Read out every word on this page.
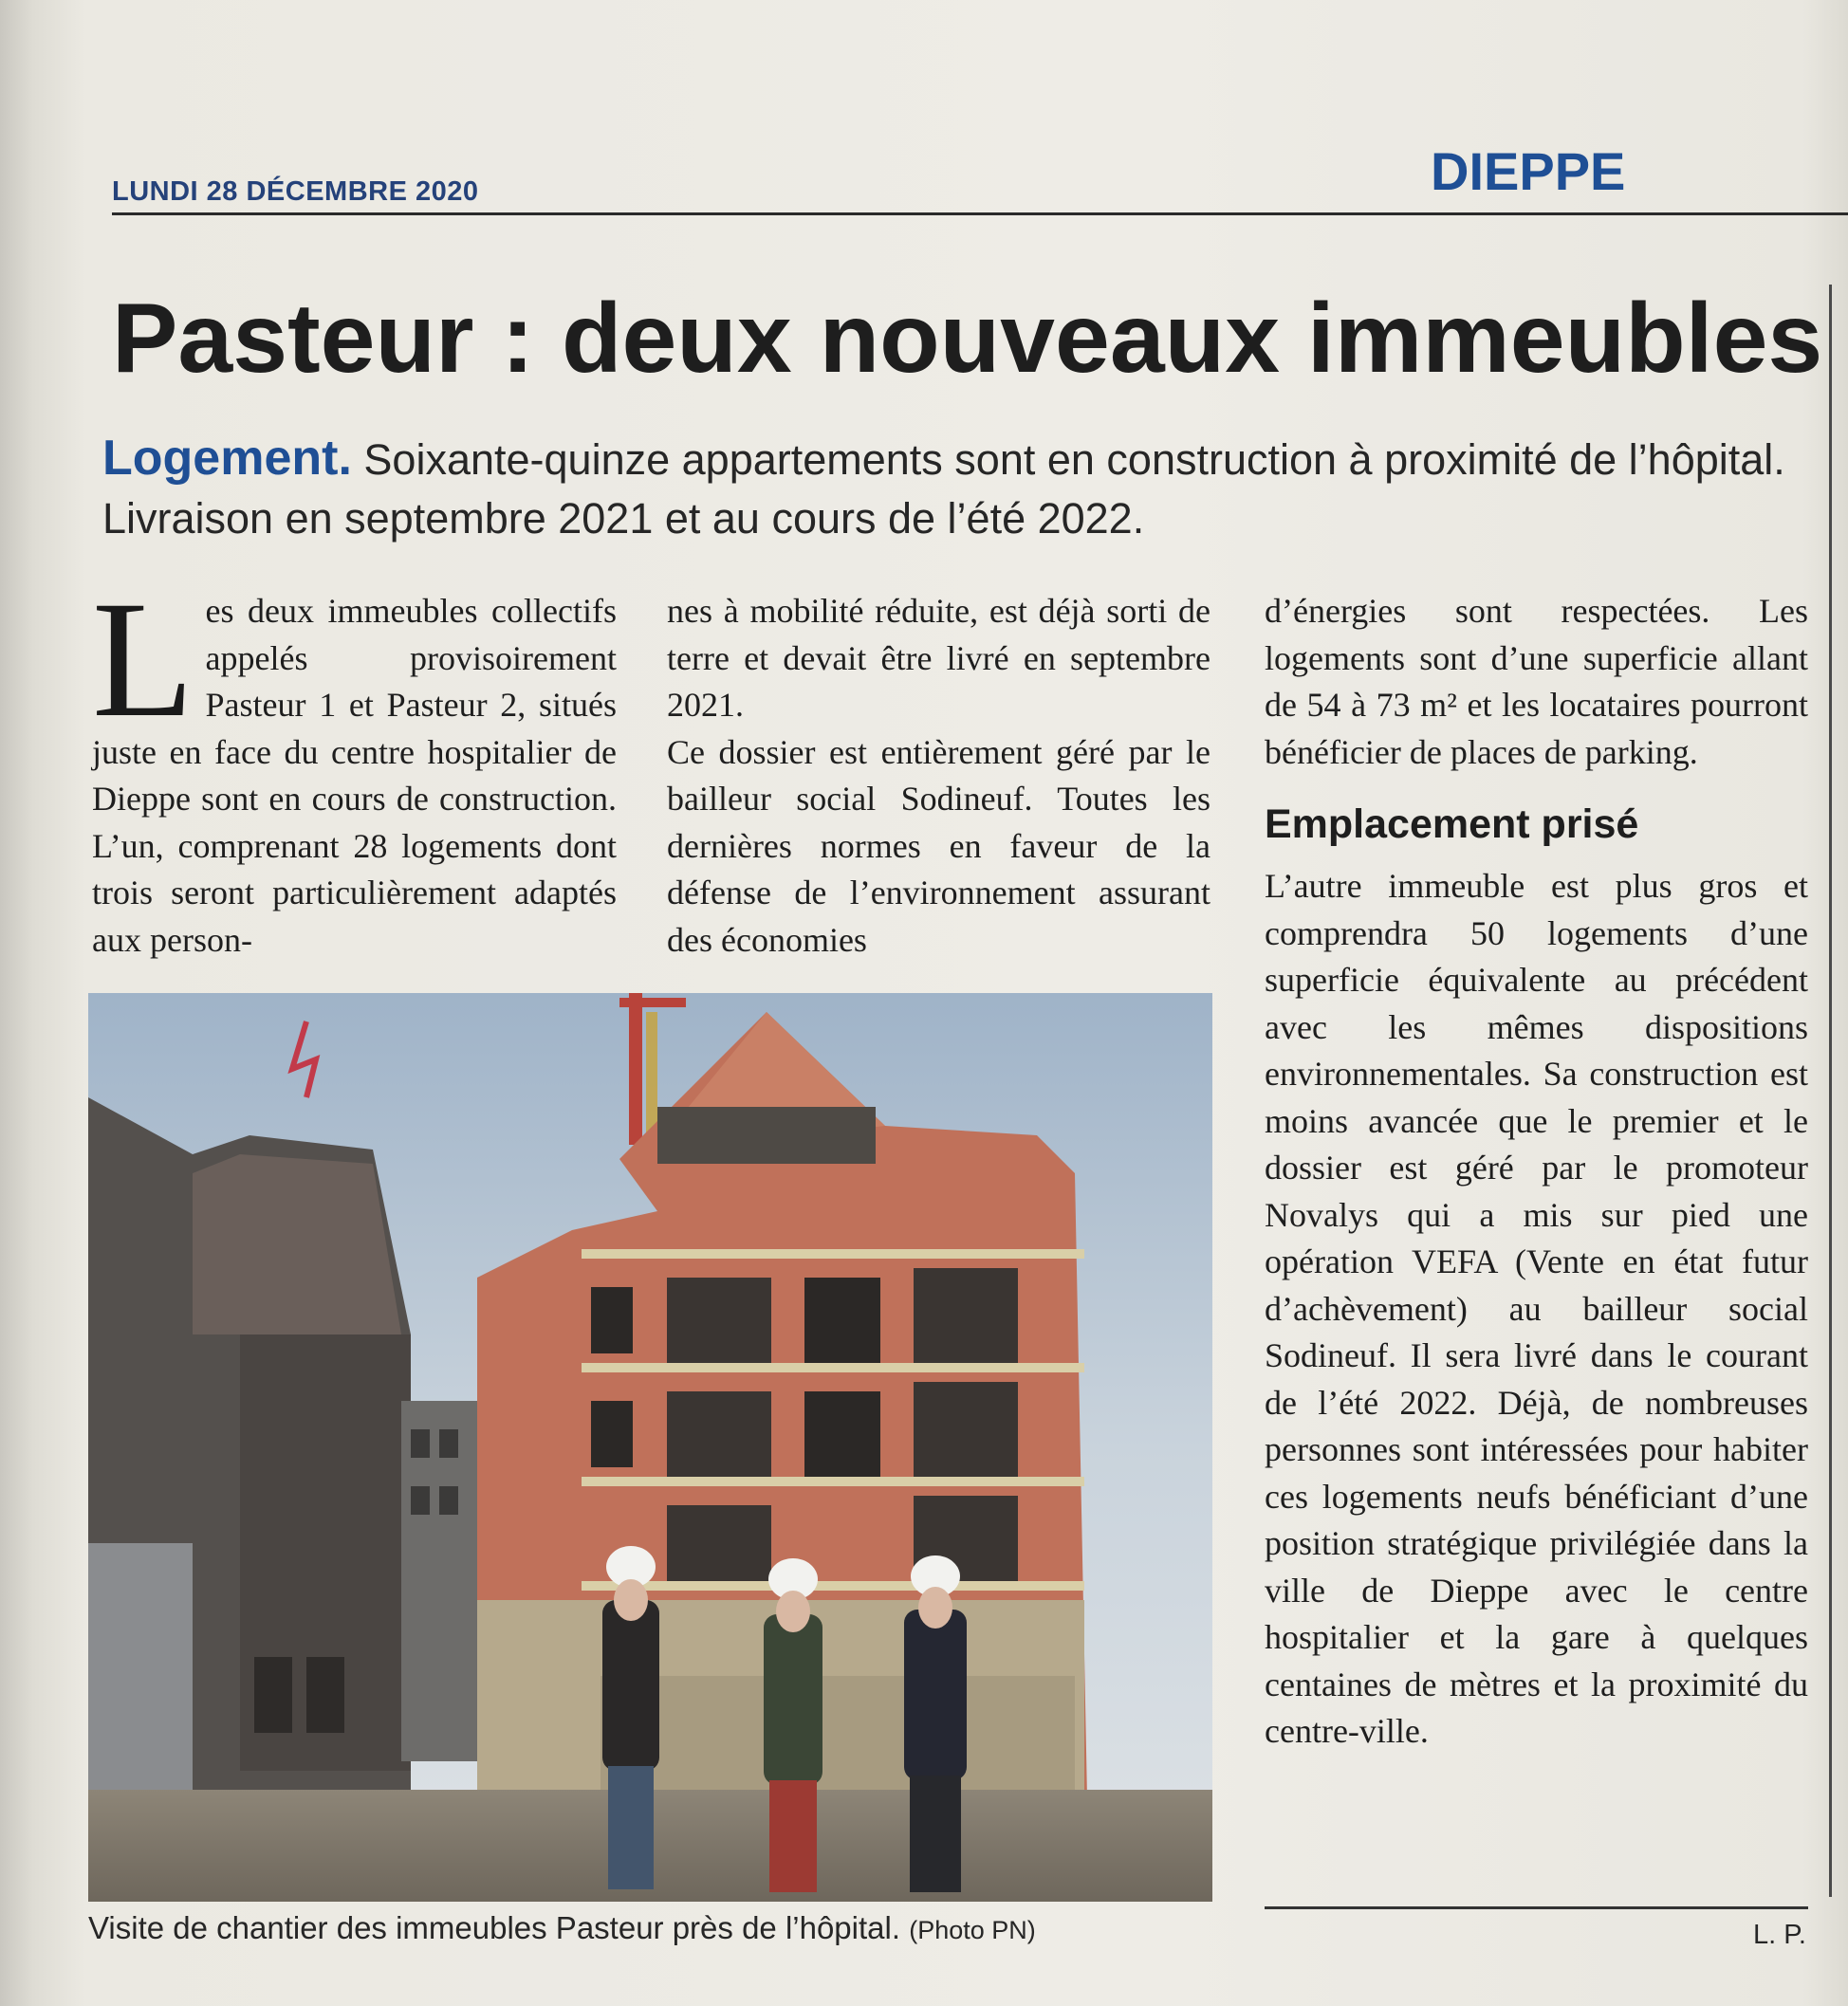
LUNDI 28 DÉCEMBRE 2020	DIEPPE
Pasteur : deux nouveaux immeubles
Logement. Soixante-quinze appartements sont en construction à proximité de l’hôpital. Livraison en septembre 2021 et au cours de l’été 2022.
L es deux immeubles collectifs appelés provisoirement Pasteur 1 et Pasteur 2, situés juste en face du centre hospitalier de Dieppe sont en cours de construction. L’un, comprenant 28 logements dont trois seront particulièrement adaptés aux person-

nes à mobilité réduite, est déjà sorti de terre et devait être livré en septembre 2021.

Ce dossier est entièrement géré par le bailleur social Sodineuf. Toutes les dernières normes en faveur de la défense de l’environnement assurant des économies

d’énergies sont respectées. Les logements sont d’une superficie allant de 54 à 73 m² et les locataires pourront bénéficier de places de parking.

Emplacement prisé

L’autre immeuble est plus gros et comprendra 50 logements d’une superficie équivalente au précédent avec les mêmes dispositions environnementales. Sa construction est moins avancée que le premier et le dossier est géré par le promoteur Novalys qui a mis sur pied une opération VEFA (Vente en état futur d’achèvement) au bailleur social Sodineuf. Il sera livré dans le courant de l’été 2022. Déjà, de nombreuses personnes sont intéressées pour habiter ces logements neufs bénéficiant d’une position stratégique privilégiée dans la ville de Dieppe avec le centre hospitalier et la gare à quelques centaines de mètres et la proximité du centre-ville.

Visite de chantier des immeubles Pasteur près de l’hôpital. (Photo PN)	L. P.
